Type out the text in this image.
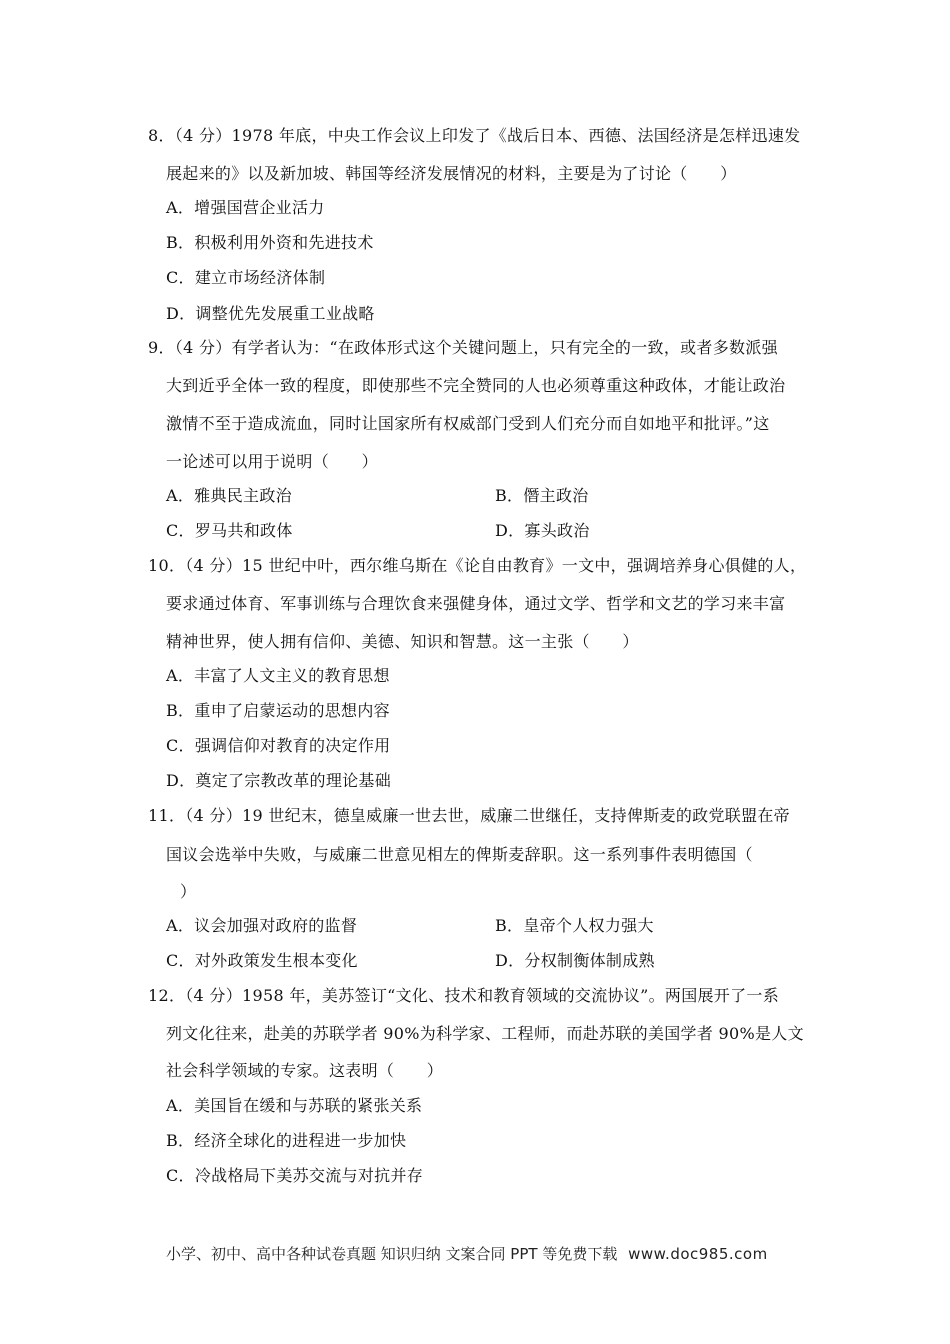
8．（4 分）1978 年底，中央工作会议上印发了《战后日本、西德、法国经济是怎样迅速发
展起来的》以及新加坡、韩国等经济发展情况的材料，主要是为了讨论（　　）
A．增强国营企业活力
B．积极利用外资和先进技术
C．建立市场经济体制
D．调整优先发展重工业战略
9．（4 分）有学者认为：“在政体形式这个关键问题上，只有完全的一致，或者多数派强
大到近乎全体一致的程度，即使那些不完全赞同的人也必须尊重这种政体，才能让政治
激情不至于造成流血，同时让国家所有权威部门受到人们充分而自如地平和批评。”这
一论述可以用于说明（　　）
A．雅典民主政治	B．僭主政治
C．罗马共和政体	D．寡头政治
10．（4 分）15 世纪中叶，西尔维乌斯在《论自由教育》一文中，强调培养身心俱健的人，
要求通过体育、军事训练与合理饮食来强健身体，通过文学、哲学和文艺的学习来丰富
精神世界，使人拥有信仰、美德、知识和智慧。这一主张（　　）
A．丰富了人文主义的教育思想
B．重申了启蒙运动的思想内容
C．强调信仰对教育的决定作用
D．奠定了宗教改革的理论基础
11．（4 分）19 世纪末，德皇威廉一世去世，威廉二世继任，支持俾斯麦的政党联盟在帝
国议会选举中失败，与威廉二世意见相左的俾斯麦辞职。这一系列事件表明德国（
）
A．议会加强对政府的监督	B．皇帝个人权力强大
C．对外政策发生根本变化	D．分权制衡体制成熟
12．（4 分）1958 年，美苏签订“文化、技术和教育领域的交流协议”。两国展开了一系
列文化往来，赴美的苏联学者 90%为科学家、工程师，而赴苏联的美国学者 90%是人文
社会科学领域的专家。这表明（　　）
A．美国旨在缓和与苏联的紧张关系
B．经济全球化的进程进一步加快
C．冷战格局下美苏交流与对抗并存
小学、初中、高中各种试卷真题 知识归纳 文案合同 PPT 等免费下载 www.doc985.com
